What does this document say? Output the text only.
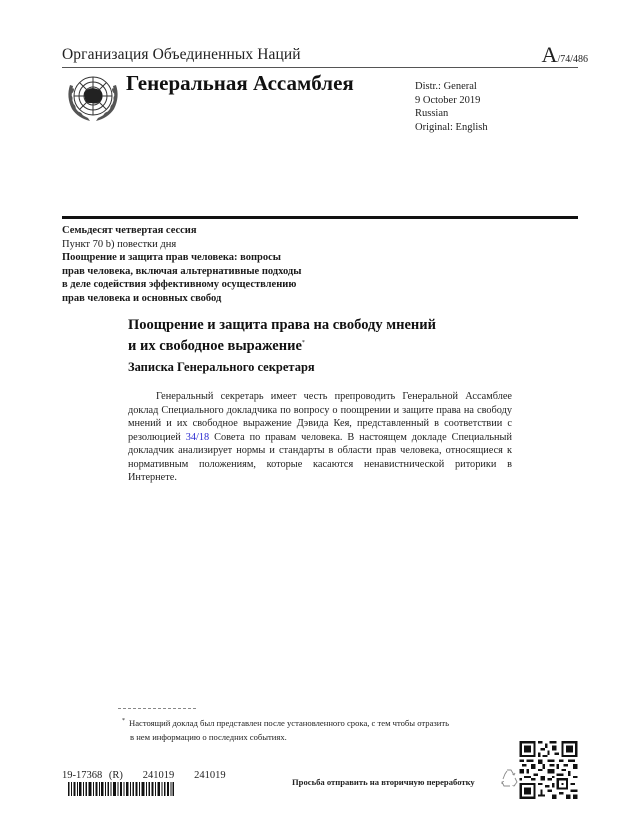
Организация Объединенных Наций	A/74/486
Генеральная Ассамблея	Distr.: General
9 October 2019
Russian
Original: English
Семьдесят четвертая сессия
Пункт 70 b) повестки дня
Поощрение и защита прав человека: вопросы
прав человека, включая альтернативные подходы
в деле содействия эффективному осуществлению
прав человека и основных свобод
Поощрение и защита права на свободу мнений
и их свободное выражение*
Записка Генерального секретаря
Генеральный секретарь имеет честь препроводить Генеральной Ассамблее доклад Специального докладчика по вопросу о поощрении и защите права на свободу мнений и их свободное выражение Дэвида Кея, представленный в соответствии с резолюцией 34/18 Совета по правам человека. В настоящем докладе Специальный докладчик анализирует нормы и стандарты в области прав человека, относящиеся к нормативным положениям, которые касаются ненавистнической риторики в Интернете.
* Настоящий доклад был представлен после установленного срока, с тем чтобы отразить
в нем информацию о последних событиях.
19-17368 (R)   241019   241019
Просьба отправить на вторичную переработку
